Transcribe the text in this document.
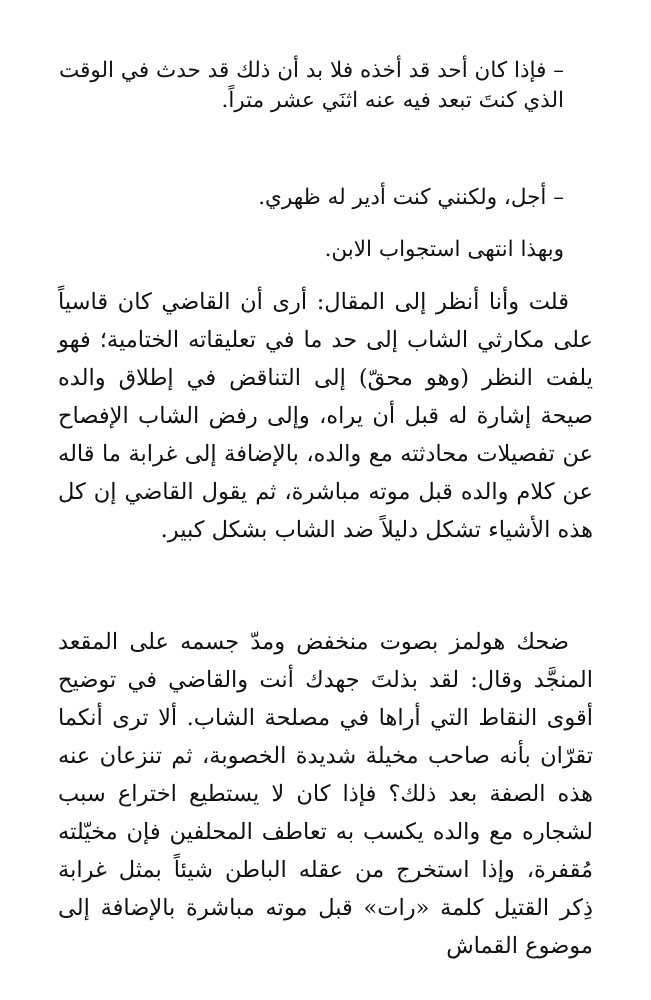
– فإذا كان أحد قد أخذه فلا بد أن ذلك قد حدث في الوقت الذي كنتَ تبعد فيه عنه اثنَي عشر متراً.

– أجل، ولكنني كنت أدير له ظهري.

وبهذا انتهى استجواب الابن.

قلت وأنا أنظر إلى المقال: أرى أن القاضي كان قاسياً على مكارثي الشاب إلى حد ما في تعليقاته الختامية؛ فهو يلفت النظر (وهو محقّ) إلى التناقض في إطلاق والده صيحة إشارة له قبل أن يراه، وإلى رفض الشاب الإفصاح عن تفصيلات محادثته مع والده، بالإضافة إلى غرابة ما قاله عن كلام والده قبل موته مباشرة، ثم يقول القاضي إن كل هذه الأشياء تشكل دليلاً ضد الشاب بشكل كبير.

ضحك هولمز بصوت منخفض ومدّ جسمه على المقعد المنجَّد وقال: لقد بذلتَ جهدك أنت والقاضي في توضيح أقوى النقاط التي أراها في مصلحة الشاب. ألا ترى أنكما تقرّان بأنه صاحب مخيلة شديدة الخصوبة، ثم تنزعان عنه هذه الصفة بعد ذلك؟ فإذا كان لا يستطيع اختراع سبب لشجاره مع والده يكسب به تعاطف المحلفين فإن مخيّلته مُقفرة، وإذا استخرج من عقله الباطن شيئاً بمثل غرابة ذِكر القتيل كلمة «رات» قبل موته مباشرة بالإضافة إلى موضوع القماش
